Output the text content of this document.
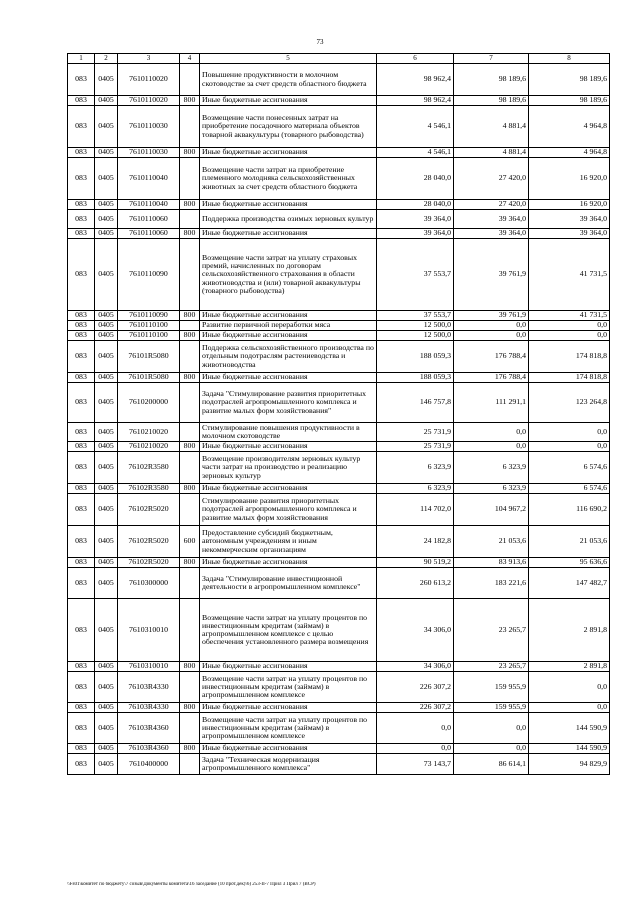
73
1	2	3	4	5	6	7	8
083	0405	7610110020		Повышение продуктивности в молочном скотоводстве за счет средств областного бюджета	98 962,4	98 189,6	98 189,6
083	0405	7610110020	800	Иные бюджетные ассигнования	98 962,4	98 189,6	98 189,6
083	0405	7610110030		Возмещение части понесенных затрат на приобретение посадочного материала объектов товарной аквакультуры (товарного рыбоводства)	4 546,1	4 881,4	4 964,8
083	0405	7610110030	800	Иные бюджетные ассигнования	4 546,1	4 881,4	4 964,8
083	0405	7610110040		Возмещение части затрат на приобретение племенного молодняка сельскохозяйственных животных за счет средств областного бюджета	28 040,0	27 420,0	16 920,0
083	0405	7610110040	800	Иные бюджетные ассигнования	28 040,0	27 420,0	16 920,0
083	0405	7610110060		Поддержка производства озимых зерновых культур	39 364,0	39 364,0	39 364,0
083	0405	7610110060	800	Иные бюджетные ассигнования	39 364,0	39 364,0	39 364,0
083	0405	7610110090		Возмещение части затрат на уплату страховых премий, начисленных по договорам сельскохозяйственного страхования в области животноводства и (или) товарной аквакультуры (товарного рыбоводства)	37 553,7	39 761,9	41 731,5
083	0405	7610110090	800	Иные бюджетные ассигнования	37 553,7	39 761,9	41 731,5
083	0405	7610110100		Развитие первичной переработки мяса	12 500,0	0,0	0,0
083	0405	7610110100	800	Иные бюджетные ассигнования	12 500,0	0,0	0,0
083	0405	76101R5080		Поддержка сельскохозяйственного производства по отдельным подотраслям растениеводства и животноводства	188 059,3	176 788,4	174 818,8
083	0405	76101R5080	800	Иные бюджетные ассигнования	188 059,3	176 788,4	174 818,8
083	0405	7610200000		Задача "Стимулирование развития приоритетных подотраслей агропромышленного комплекса и развитие малых форм хозяйствования"	146 757,8	111 291,1	123 264,8
083	0405	7610210020		Стимулирование повышения продуктивности в молочном скотоводстве	25 731,9	0,0	0,0
083	0405	7610210020	800	Иные бюджетные ассигнования	25 731,9	0,0	0,0
083	0405	76102R3580		Возмещение производителям зерновых культур части затрат на производство и реализацию зерновых культур	6 323,9	6 323,9	6 574,6
083	0405	76102R3580	800	Иные бюджетные ассигнования	6 323,9	6 323,9	6 574,6
083	0405	76102R5020		Стимулирование развития приоритетных подотраслей агропромышленного комплекса и развитие малых форм хозяйствования	114 702,0	104 967,2	116 690,2
083	0405	76102R5020	600	Предоставление субсидий бюджетным, автономным учреждениям и иным некоммерческим организациям	24 182,8	21 053,6	21 053,6
083	0405	76102R5020	800	Иные бюджетные ассигнования	90 519,2	83 913,6	95 636,6
083	0405	7610300000		Задача "Стимулирование инвестиционной деятельности в агропромышленном комплексе"	260 613,2	183 221,6	147 482,7
083	0405	7610310010		Возмещение части затрат на уплату процентов по инвестиционным кредитам (займам) в агропромышленном комплексе с целью обеспечения установленного размера возмещения	34 306,0	23 265,7	2 891,8
083	0405	7610310010	800	Иные бюджетные ассигнования	34 306,0	23 265,7	2 891,8
083	0405	76103R4330		Возмещение части затрат на уплату процентов по инвестиционным кредитам (займам) в агропромышленном комплексе	226 307,2	159 955,9	0,0
083	0405	76103R4330	800	Иные бюджетные ассигнования	226 307,2	159 955,9	0,0
083	0405	76103R4360		Возмещение части затрат на уплату процентов по инвестиционным кредитам (займам) в агропромышленном комплексе	0,0	0,0	144 590,9
083	0405	76103R4360	800	Иные бюджетные ассигнования	0,0	0,0	144 590,9
083	0405	7610400000		Задача "Техническая модернизация агропромышленного комплекса"	73 143,7	86 614,1	94 829,9
\\Fs01\комитет по бюджету\7 созыв\Документы комитета\16 заседание (10 прот.дек)\6) 253-II-7 Прил 3 Прил 7 (ВСР)
